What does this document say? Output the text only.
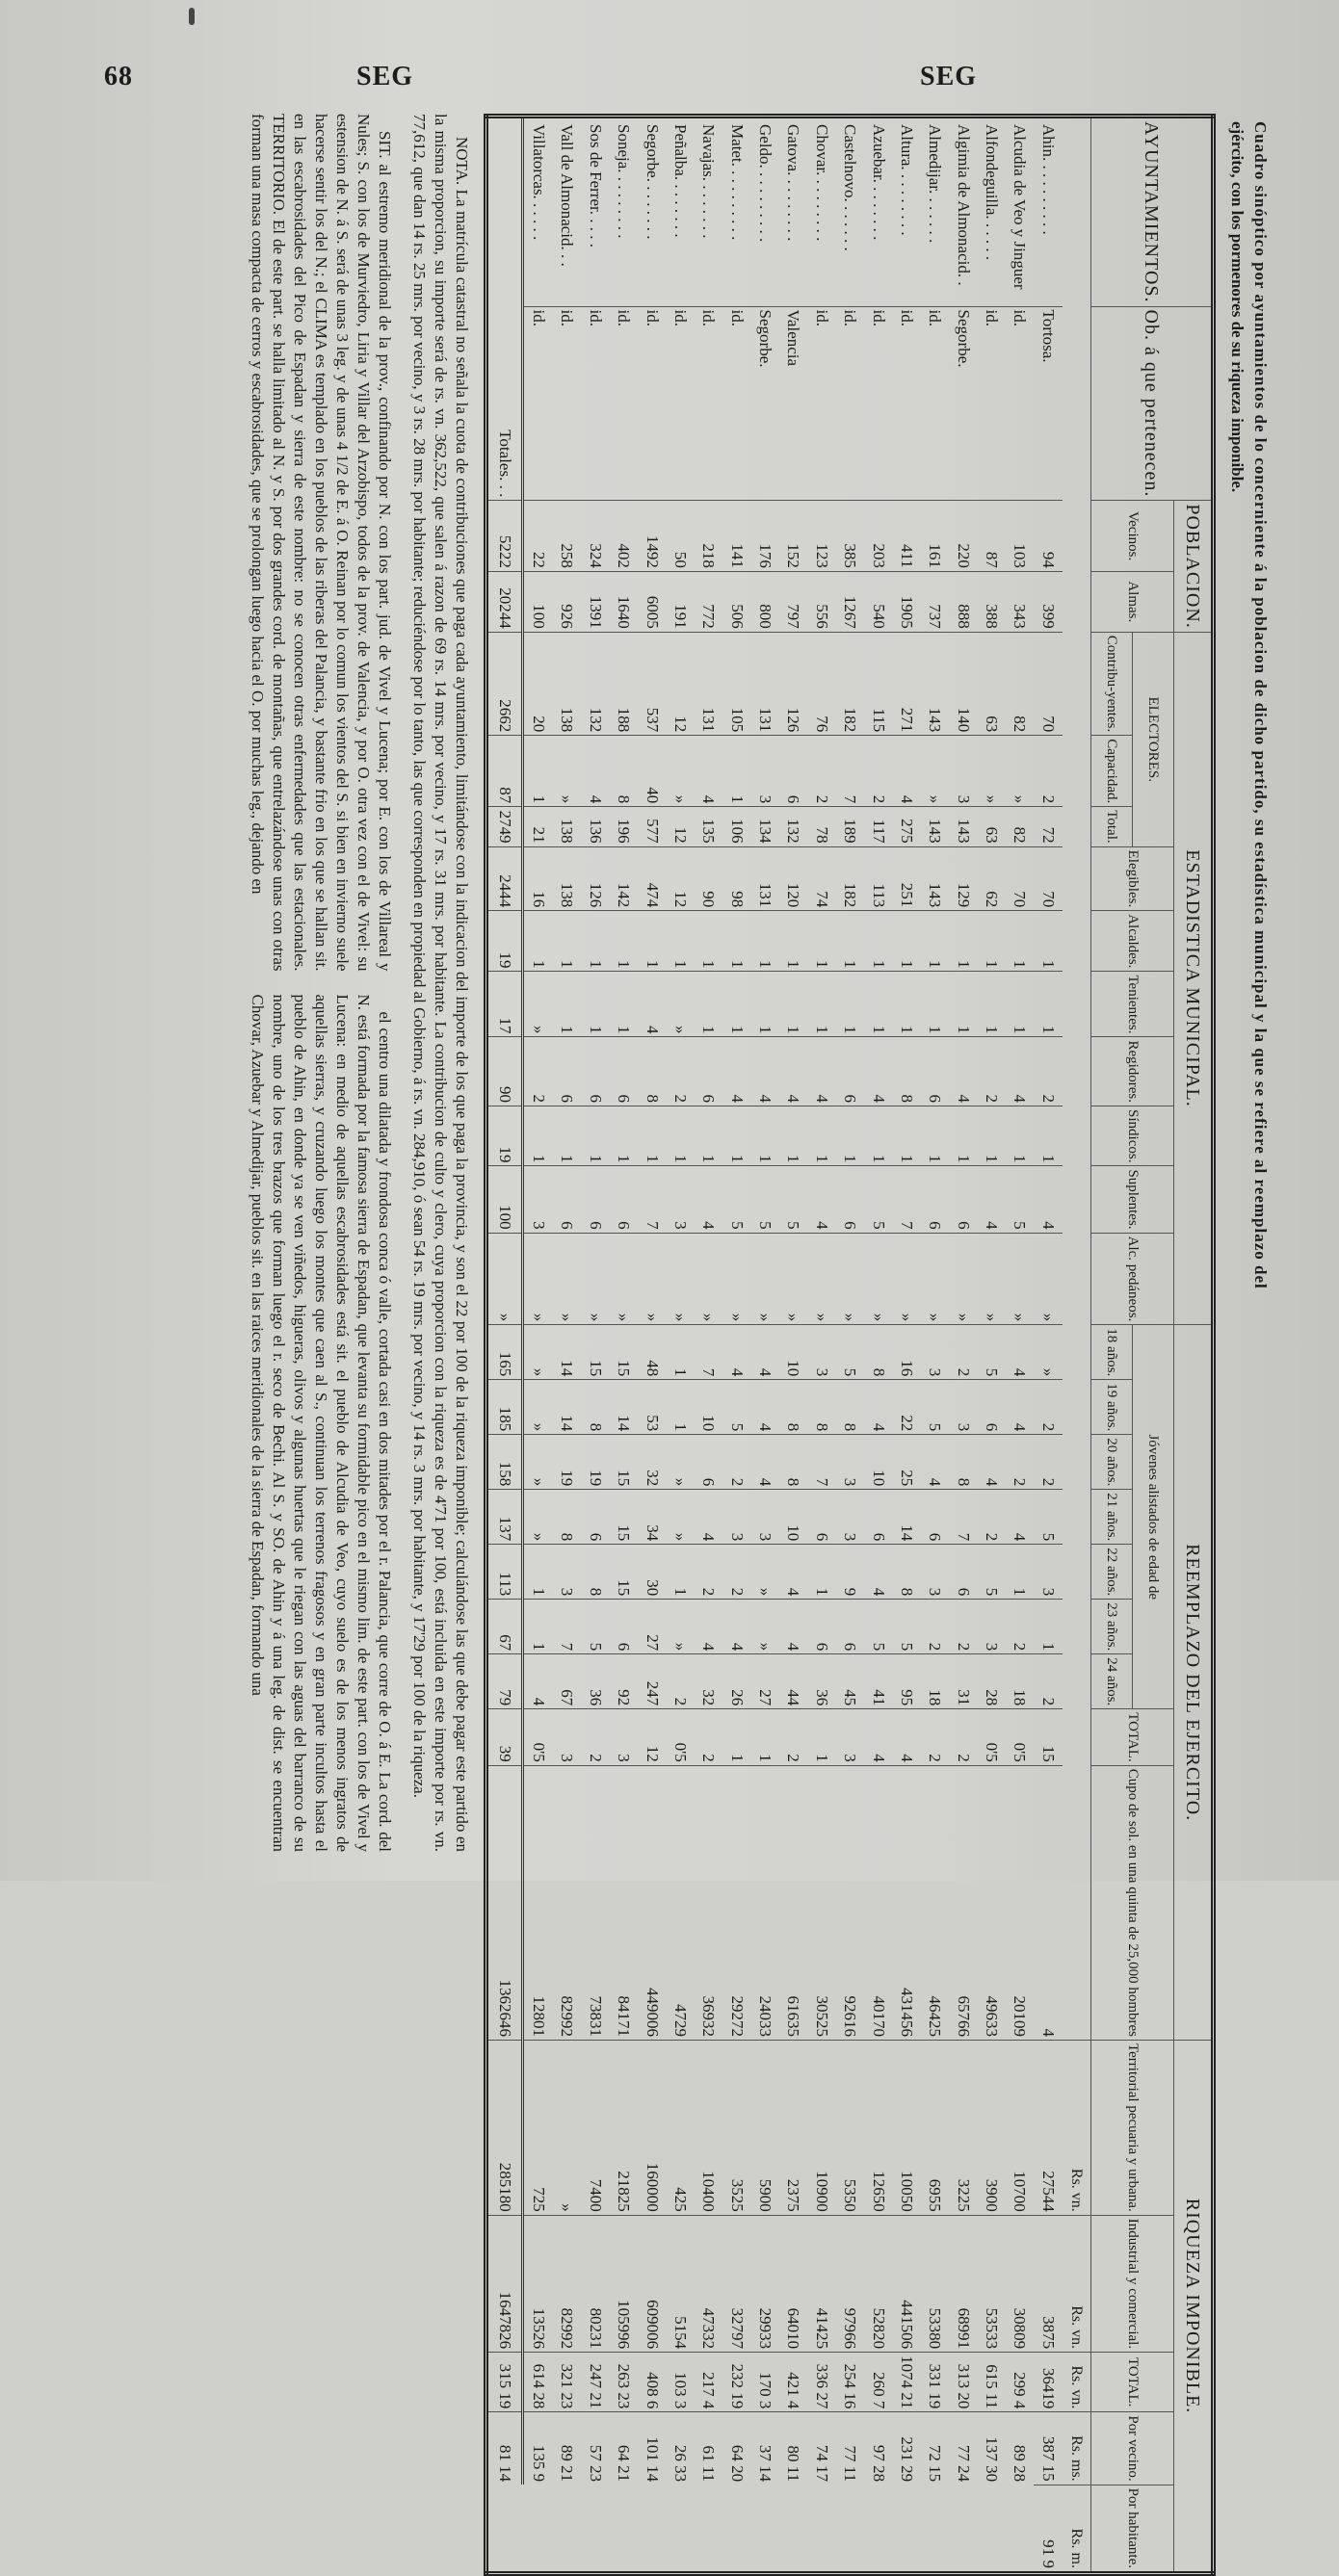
68	SEG	SEG
Cuadro sinóptico por ayuntamientos de lo concerniente á la poblacion de dicho partido, su estadística municipal y la que se refiere al reemplazo del
ejército, con los pormenores de su riqueza imponible.
AYUNTAMIENTOS.	Ob. á que pertenecen.	POBLACION.		ESTADISTICA MUNICIPAL.										REEMPLAZO DEL EJERCITO.									RIQUEZA IMPONIBLE.				
		Vecinos.	Almas.	ELECTORES.			Elegibles.	Alcaldes.	Tenientes.	Regidores.	Síndicos.	Suplentes.	Alc. pedáneos.	Jóvenes alistados de edad de							TOTAL.	Cupo de sol. en una quinta de 25,000 hombres	Territorial pecuaria y urbana.	Industrial y comercial.	TOTAL.	Por vecino.	Por habitante.
				Contribu-yentes.	Capacidad.	Total.								18 años.	19 años.	20 años.	21 años.	22 años.	23 años.	24 años.							
																							Rs. vn.	Rs. vn.	Rs. vn.	Rs. ms.	Rs. m.
Ahin. . . . . . . . . .	Tortosa.	94	399	70	2	72	70	1	1	2	1	4	»	»	2	2	5	3	1	2	15	4	27544	3875	36419	387 15	91 9
Alcudia de Veo y Jinguer	id.	103	343	82	»	82	70	1	1	4	1	5	»	4	4	2	4	1	2	18	0'5	20109	10700	30809	299 4	89 28	
Alfondeguilla. . . . . .	id.	87	388	63	»	63	62	1	1	2	1	4	»	5	6	4	2	5	3	28	0'5	49633	3900	53533	615 11	137 30	
Algimia de Almonacid. .	Segorbe.	220	888	140	3	143	129	1	1	4	1	6	»	2	3	8	7	6	2	31	2	65766	3225	68991	313 20	77 24	
Almedijar. . . . . . .	id.	161	737	143	»	143	143	1	1	6	1	6	»	3	5	4	6	3	2	18	2	46425	6955	53380	331 19	72 15	
Altura. . . . . . . . .	id.	411	1905	271	4	275	251	1	1	8	1	7	»	16	22	25	14	8	5	95	4	431456	10050	441506	1074 21	231 29	
Azuebar. . . . . . . .	id.	203	540	115	2	117	113	1	1	4	1	5	»	8	4	10	6	4	5	41	4	40170	12650	52820	260 7	97 28	
Castelnovo. . . . . . .	id.	385	1267	182	7	189	182	1	1	6	1	6	»	5	8	3	3	9	6	45	3	92616	5350	97966	254 16	77 11	
Chovar. . . . . . . . .	id.	123	556	76	2	78	74	1	1	4	1	4	»	3	8	7	6	1	6	36	1	30525	10900	41425	336 27	74 17	
Gatova. . . . . . . . .	Valencia	152	797	126	6	132	120	1	1	4	1	5	»	10	8	8	10	4	4	44	2	61635	2375	64010	421 4	80 11	
Geldo. . . . . . . . . .	Segorbe.	176	800	131	3	134	131	1	1	4	1	5	»	4	4	4	3	»	»	27	1	24033	5900	29933	170 3	37 14	
Matet. . . . . . . . . .	id.	141	506	105	1	106	98	1	1	4	1	5	»	4	5	2	3	2	4	26	1	29272	3525	32797	232 19	64 20	
Navajas. . . . . . . .	id.	218	772	131	4	135	90	1	1	6	1	4	»	7	10	6	4	2	4	32	2	36932	10400	47332	217 4	61 11	
Peñalba. . . . . . . .	id.	50	191	12	»	12	12	1	»	2	1	3	»	1	1	»	»	1	»	2	0'5	4729	425	5154	103 3	26 33	
Segorbe. . . . . . . .	id.	1492	6005	537	40	577	474	1	4	8	1	7	»	48	53	32	34	30	27	247	12	449006	160000	609006	408 6	101 14	
Soneja. . . . . . . . .	id.	402	1640	188	8	196	142	1	1	6	1	6	»	15	14	15	15	15	6	92	3	84171	21825	105996	263 23	64 21	
Sos de Ferrer. . . . .	id.	324	1391	132	4	136	126	1	1	6	1	6	»	15	8	19	6	8	5	36	2	73831	7400	80231	247 21	57 23	
Vall de Almonacid. . .	id.	258	926	138	»	138	138	1	1	6	1	6	»	14	14	19	8	3	7	67	3	82992	»	82992	321 23	89 21	
Villatorcas. . . . . .	id.	22	100	20	1	21	16	1	»	2	1	3	»	»	»	»	»	1	1	4	0'5	12801	725	13526	614 28	135 9	
Totales. . .		5222	20244	2662	87	2749	2444	19	17	90	19	100	»	165	185	158	137	113	67	79	39	1362646	285180	1647826	315 19	81 14

NOTA. La matrícula catastral no señala la cuota de contribuciones que paga cada ayuntamiento, limitándose con la indicacion del importe de los que paga la provincia, y son el 22 por 100 de la riqueza imponible; calculándose las que debe pagar este partido en la misma proporcion, su importe será de rs. vn. 362,522, que salen á razon de 69 rs. 14 mrs. por vecino, y 17 rs. 31 mrs. por habitante. La contribucion de culto y clero, cuya proporcion con la riqueza es de 4'71 por 100, está incluida en este importe por rs. vn. 77,612, que dan 14 rs. 25 mrs. por vecino, y 3 rs. 28 mrs. por habitante; reduciéndose por lo tanto, las que corresponden en propiedad al Gobierno, á rs. vn. 284,910, ó sean 54 rs. 19 mrs. por vecino, y 14 rs. 3 mrs. por habitante, y 17'29 por 100 de la riqueza.

SIT. al estremo meridional de la prov., confinando por N. con los part. jud. de Vivel y Lucena; por E. con los de Villareal y Nules; S. con los de Murviedro, Liria y Villar del Arzobispo, todos de la prov. de Valencia, y por O. otra vez con el de Vivel: su estension de N. á S. será de unas 3 leg. y de unas 4 1/2 de E. á O. Reinan por lo comun los vientos del S. si bien en invierno suele hacerse sentir los del N.; el CLIMA es templado en los pueblos de las riberas del Palancia, y bastante frio en los que se hallan sit. en las escabrosidades del Pico de Espadan y sierra de este nombre: no se conocen otras enfermedades que las estacionales. TERRITORIO. El de este part. se halla limitado al N. y S. por dos grandes cord. de montañas, que entrelazándose unas con otras forman una masa compacta de cerros y escabrosidades, que se prolongan luego hacia el O. por muchas leg., dejando en

el centro una dilatada y frondosa conca ó valle, cortada casi en dos mitades por el r. Palancia, que corre de O. á E. La cord. del N. está formada por la famosa sierra de Espadan, que levanta su formidable pico en el mismo lim. de este part. con los de Vivel y Lucena: en medio de aquellas escabrosidades está sit. el pueblo de Alcudia de Veo, cuyo suelo es de los menos ingratos de aquellas sierras, y cruzando luego los montes que caen al S., continuan los terrenos fragosos y en gran parte incultos hasta el pueblo de Ahin, en donde ya se ven viñedos, higueras, olivos y algunas huertas que le riegan con las aguas del barranco de su nombre, uno de los tres brazos que forman luego el r. seco de Bechi. Al S. y SO. de Ahin y á una leg. de dist. se encuentran Chovar, Azuebar y Almedijar, pueblos sit. en las raices meridionales de la sierra de Espadan, formando una
